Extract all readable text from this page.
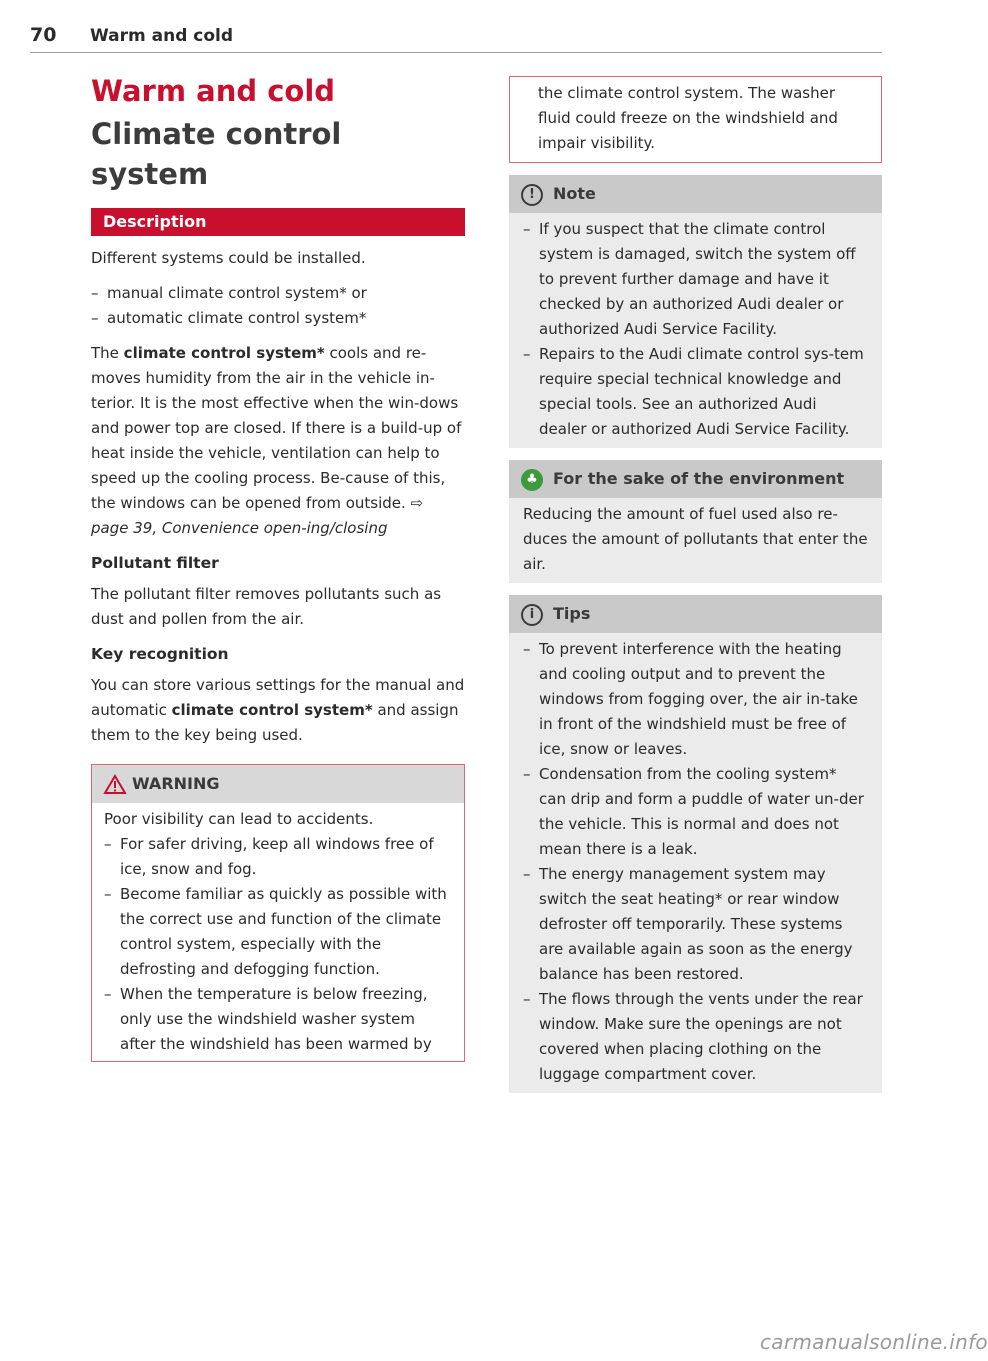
70 Warm and cold
Warm and cold
Climate control system
Description

Different systems could be installed.

– manual climate control system* or
– automatic climate control system*

The climate control system* cools and re-moves humidity from the air in the vehicle in-terior. It is the most effective when the win-dows and power top are closed. If there is a build-up of heat inside the vehicle, ventilation can help to speed up the cooling process. Be-cause of this, the windows can be opened from outside. ⇨ page 39, Convenience open-ing/closing

Pollutant filter

The pollutant filter removes pollutants such as dust and pollen from the air.

Key recognition

You can store various settings for the manual and automatic climate control system* and assign them to the key being used.

WARNING

Poor visibility can lead to accidents.

– For safer driving, keep all windows free of ice, snow and fog.
– Become familiar as quickly as possible with the correct use and function of the climate control system, especially with the defrosting and defogging function.
– When the temperature is below freezing, only use the windshield washer system after the windshield has been warmed by

the climate control system. The washer fluid could freeze on the windshield and impair visibility.

!	Note
– If you suspect that the climate control system is damaged, switch the system off to prevent further damage and have it checked by an authorized Audi dealer or authorized Audi Service Facility.
– Repairs to the Audi climate control sys-tem require special technical knowledge and special tools. See an authorized Audi dealer or authorized Audi Service Facility.
♣ For the sake of the environment

Reducing the amount of fuel used also re-duces the amount of pollutants that enter the air.

i	Tips
– To prevent interference with the heating and cooling output and to prevent the windows from fogging over, the air in-take in front of the windshield must be free of ice, snow or leaves.
– Condensation from the cooling system* can drip and form a puddle of water un-der the vehicle. This is normal and does not mean there is a leak.
– The energy management system may switch the seat heating* or rear window defroster off temporarily. These systems are available again as soon as the energy balance has been restored.
– The flows through the vents under the rear window. Make sure the openings are not covered when placing clothing on the luggage compartment cover.
carmanualsonline.info
